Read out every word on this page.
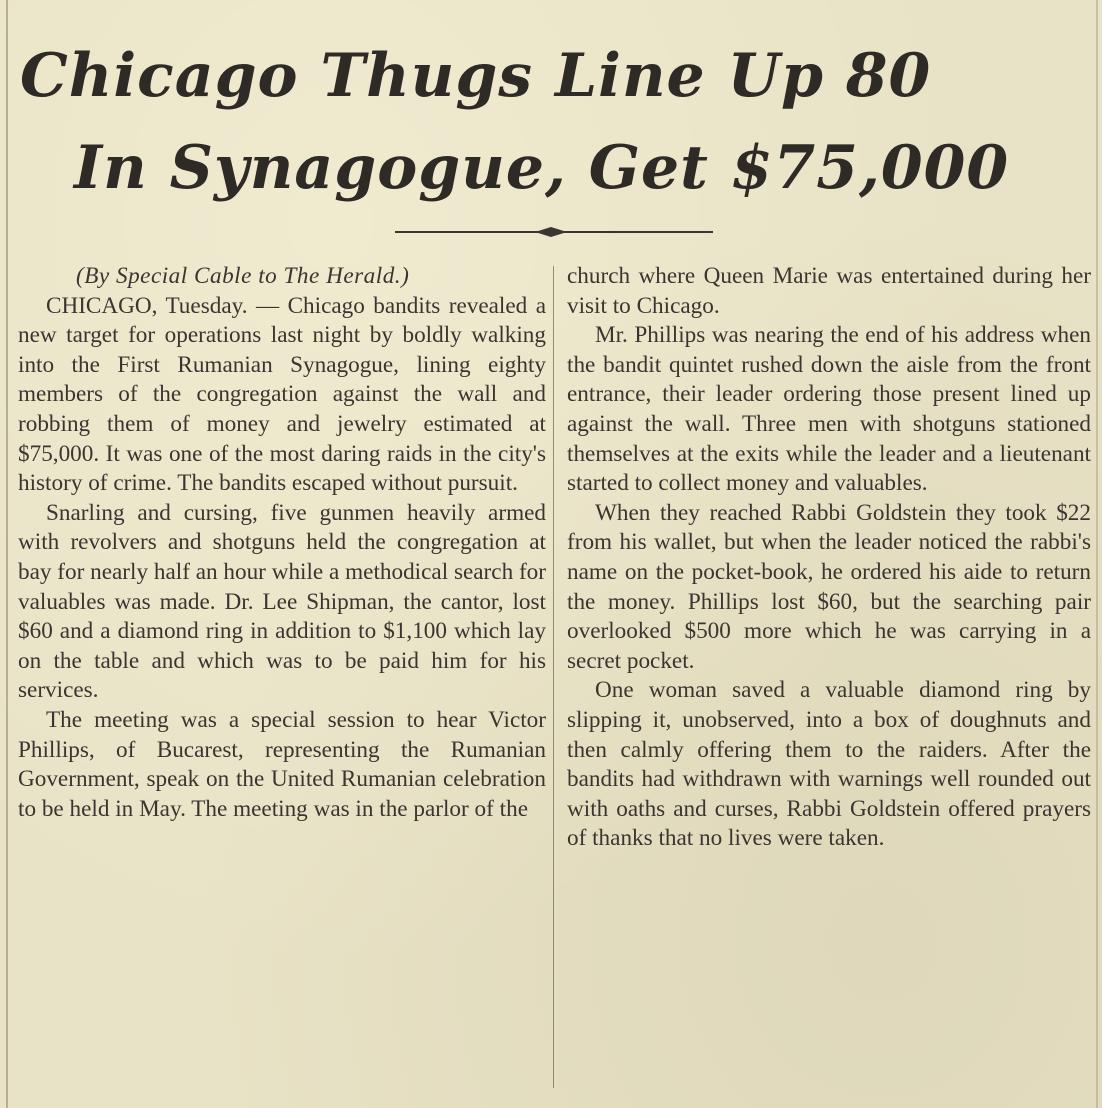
Chicago Thugs Line Up 80
In Synagogue, Get $75,000

(By Special Cable to The Herald.)

CHICAGO, Tuesday. — Chicago bandits revealed a new target for operations last night by boldly walking into the First Rumanian Synagogue, lining eighty members of the congregation against the wall and robbing them of money and jewelry estimated at $75,000. It was one of the most daring raids in the city's history of crime. The bandits escaped without pursuit.

Snarling and cursing, five gunmen heavily armed with revolvers and shotguns held the congregation at bay for nearly half an hour while a methodical search for valuables was made. Dr. Lee Shipman, the cantor, lost $60 and a diamond ring in addition to $1,100 which lay on the table and which was to be paid him for his services.

The meeting was a special session to hear Victor Phillips, of Bucarest, representing the Rumanian Government, speak on the United Rumanian celebration to be held in May. The meeting was in the parlor of the

church where Queen Marie was entertained during her visit to Chicago.

Mr. Phillips was nearing the end of his address when the bandit quintet rushed down the aisle from the front entrance, their leader ordering those present lined up against the wall. Three men with shotguns stationed themselves at the exits while the leader and a lieutenant started to collect money and valuables.

When they reached Rabbi Goldstein they took $22 from his wallet, but when the leader noticed the rabbi's name on the pocket-book, he ordered his aide to return the money. Phillips lost $60, but the searching pair overlooked $500 more which he was carrying in a secret pocket.

One woman saved a valuable diamond ring by slipping it, unobserved, into a box of doughnuts and then calmly offering them to the raiders. After the bandits had withdrawn with warnings well rounded out with oaths and curses, Rabbi Goldstein offered prayers of thanks that no lives were taken.
